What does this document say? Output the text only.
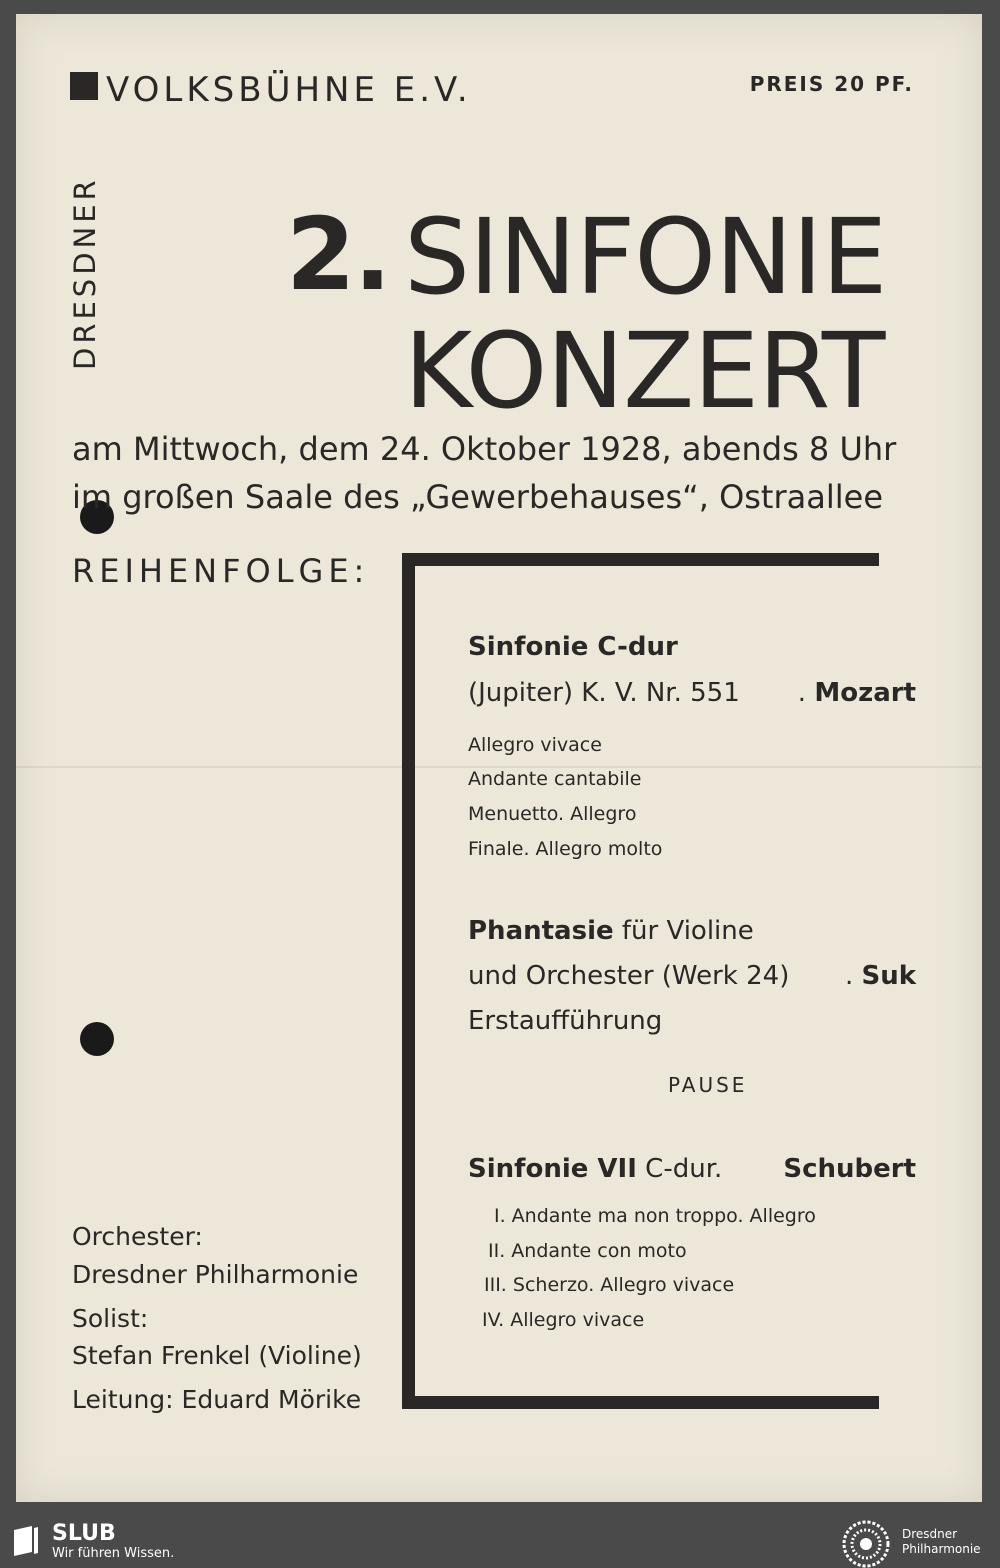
DRESDNER
VOLKSBÜHNE E.V.	PREIS 20 PF.
2. SINFONIE
KONZERT
am Mittwoch, dem 24. Oktober 1928, abends 8 Uhr
im großen Saale des „Gewerbehauses“, Ostraallee
REIHENFOLGE:
Sinfonie C-dur
(Jupiter) K. V. Nr. 551 . Mozart
Allegro vivace
Andante cantabile
Menuetto. Allegro
Finale. Allegro molto
Phantasie für Violine
und Orchester (Werk 24) . Suk
Erstaufführung
PAUSE
Sinfonie VII C-dur. Schubert
I. Andante ma non troppo. Allegro
II. Andante con moto
III. Scherzo. Allegro vivace
IV. Allegro vivace
Orchester:
Dresdner Philharmonie
Solist:
Stefan Frenkel (Violine)
Leitung: Eduard Mörike
SLUB
Wir führen Wissen.
Dresdner
Philharmonie
